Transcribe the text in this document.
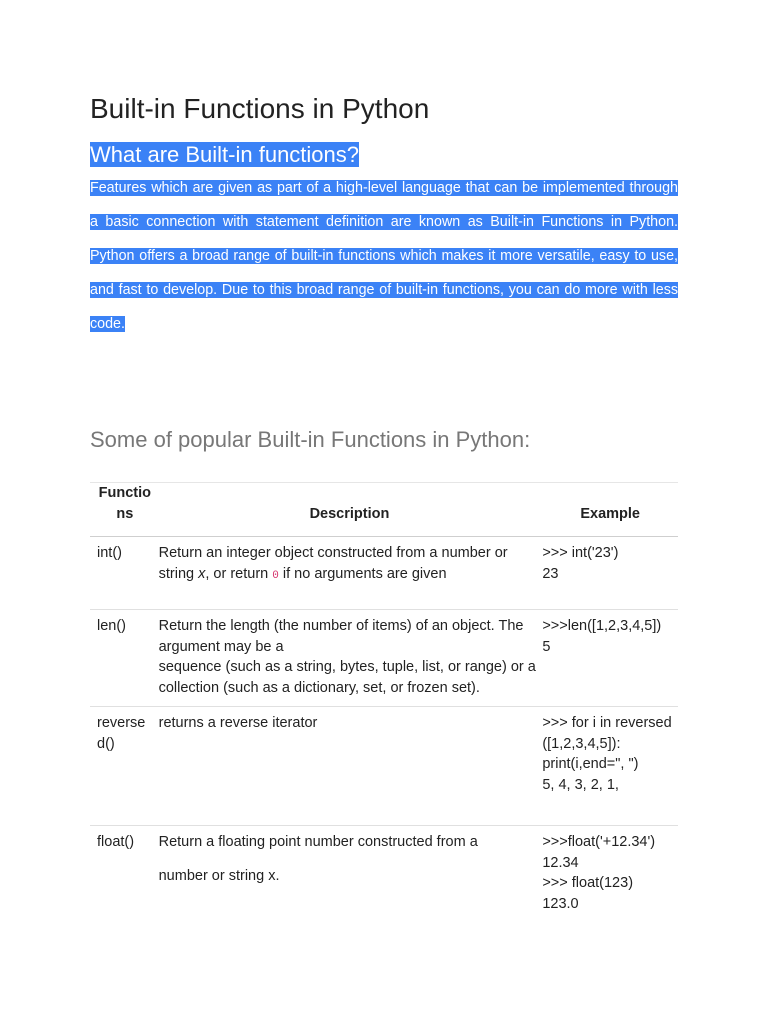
Built-in Functions in Python
What are Built-in functions?

Features which are given as part of a high-level language that can be implemented through a basic connection with statement definition are known as Built-in Functions in Python. Python offers a broad range of built-in functions which makes it more versatile, easy to use, and fast to develop. Due to this broad range of built-in functions, you can do more with less code.

Some of popular Built-in Functions in Python:
Functions	Description	Example
int()	Return an integer object constructed from a number or string x, or return 0 if no arguments are given	>>> int('23')
23
len()	Return the length (the number of items) of an object. The argument may be a
sequence (such as a string, bytes, tuple, list, or range) or a collection (such as a dictionary, set, or frozen set).	>>>len([1,2,3,4,5])
5
reversed()	returns a reverse iterator	>>> for i in reversed([1,2,3,4,5]):
print(i,end=", ")
5, 4, 3, 2, 1,
float()	Return a floating point number constructed from a
number or string x.	>>>float('+12.34')
12.34
>>> float(123)
123.0
